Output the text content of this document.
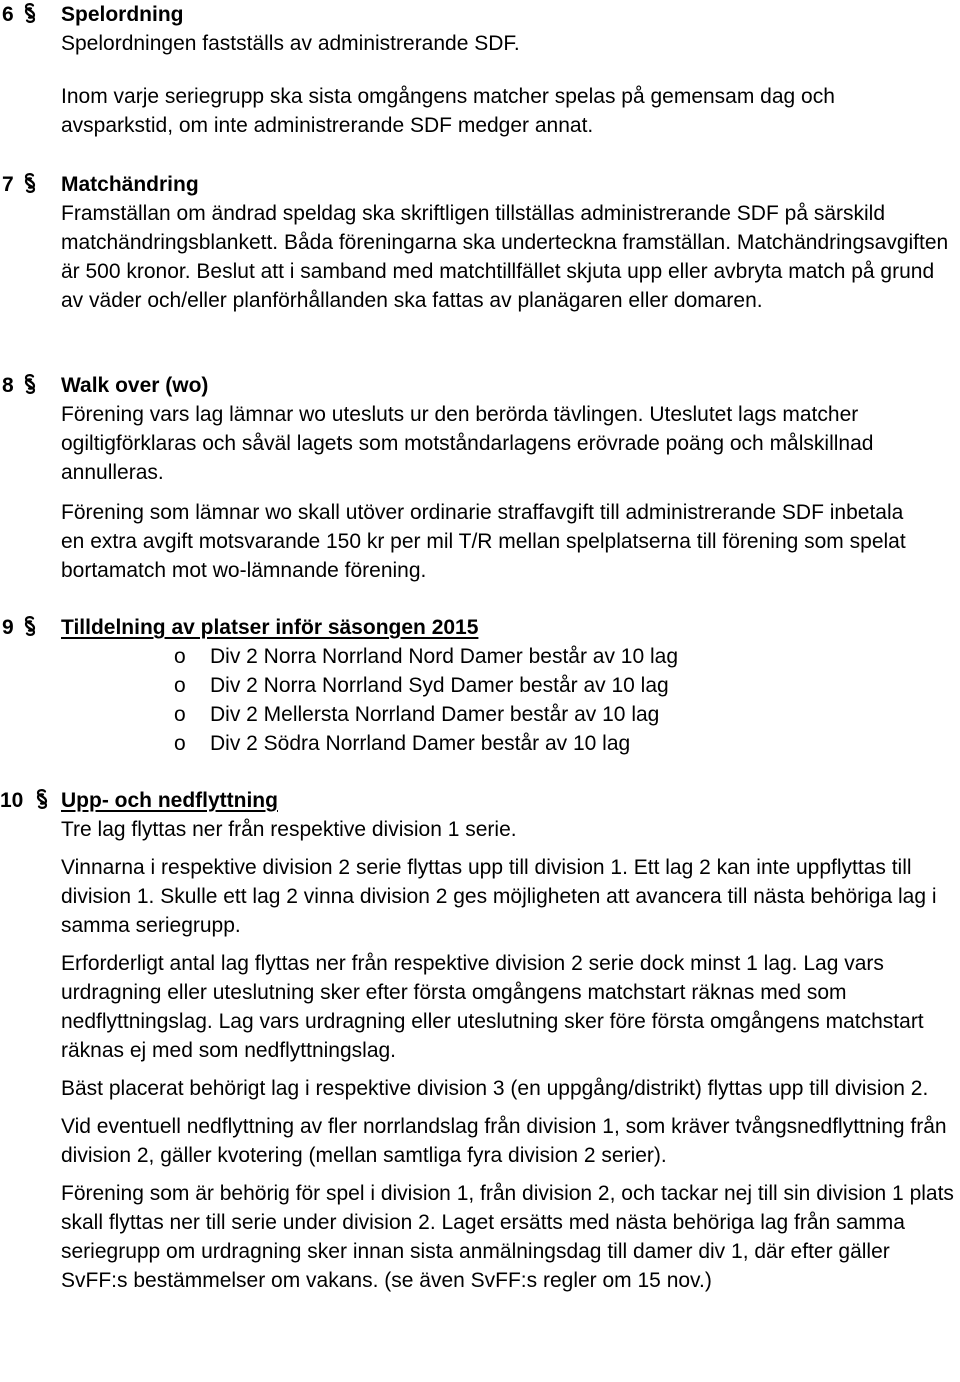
6 Spelordning

Spelordningen fastställs av administrerande SDF.

Inom varje seriegrupp ska sista omgångens matcher spelas på gemensam dag och avsparkstid, om inte administrerande SDF medger annat.

7 Matchändring

Framställan om ändrad speldag ska skriftligen tillställas administrerande SDF på särskild matchändringsblankett. Båda föreningarna ska underteckna framställan. Matchändringsavgiften är 500 kronor. Beslut att i samband med matchtillfället skjuta upp eller avbryta match på grund av väder och/eller planförhållanden ska fattas av planägaren eller domaren.

8 Walk over (wo)

Förening vars lag lämnar wo utesluts ur den berörda tävlingen. Uteslutet lags matcher ogiltigförklaras och såväl lagets som motståndarlagens erövrade poäng och målskillnad annulleras.

Förening som lämnar wo skall utöver ordinarie straffavgift till administrerande SDF inbetala en extra avgift motsvarande 150 kr per mil T/R mellan spelplatserna till förening som spelat bortamatch mot wo-lämnande förening.

9 Tilldelning av platser inför säsongen 2015
o Div 2 Norra Norrland Nord Damer består av 10 lag
o Div 2 Norra Norrland Syd Damer består av 10 lag
o Div 2 Mellersta Norrland Damer består av 10 lag
o Div 2 Södra Norrland Damer består av 10 lag
10 Upp- och nedflyttning

Tre lag flyttas ner från respektive division 1 serie.

Vinnarna i respektive division 2 serie flyttas upp till division 1. Ett lag 2 kan inte uppflyttas till division 1. Skulle ett lag 2 vinna division 2 ges möjligheten att avancera till nästa behöriga lag i samma seriegrupp.

Erforderligt antal lag flyttas ner från respektive division 2 serie dock minst 1 lag. Lag vars urdragning eller uteslutning sker efter första omgångens matchstart räknas med som nedflyttningslag. Lag vars urdragning eller uteslutning sker före första omgångens matchstart räknas ej med som nedflyttningslag.

Bäst placerat behörigt lag i respektive division 3 (en uppgång/distrikt) flyttas upp till division 2.

Vid eventuell nedflyttning av fler norrlandslag från division 1, som kräver tvångsnedflyttning från division 2, gäller kvotering (mellan samtliga fyra division 2 serier).

Förening som är behörig för spel i division 1, från division 2, och tackar nej till sin division 1 plats skall flyttas ner till serie under division 2. Laget ersätts med nästa behöriga lag från samma seriegrupp om urdragning sker innan sista anmälningsdag till damer div 1, där efter gäller SvFF:s bestämmelser om vakans. (se även SvFF:s regler om 15 nov.)
